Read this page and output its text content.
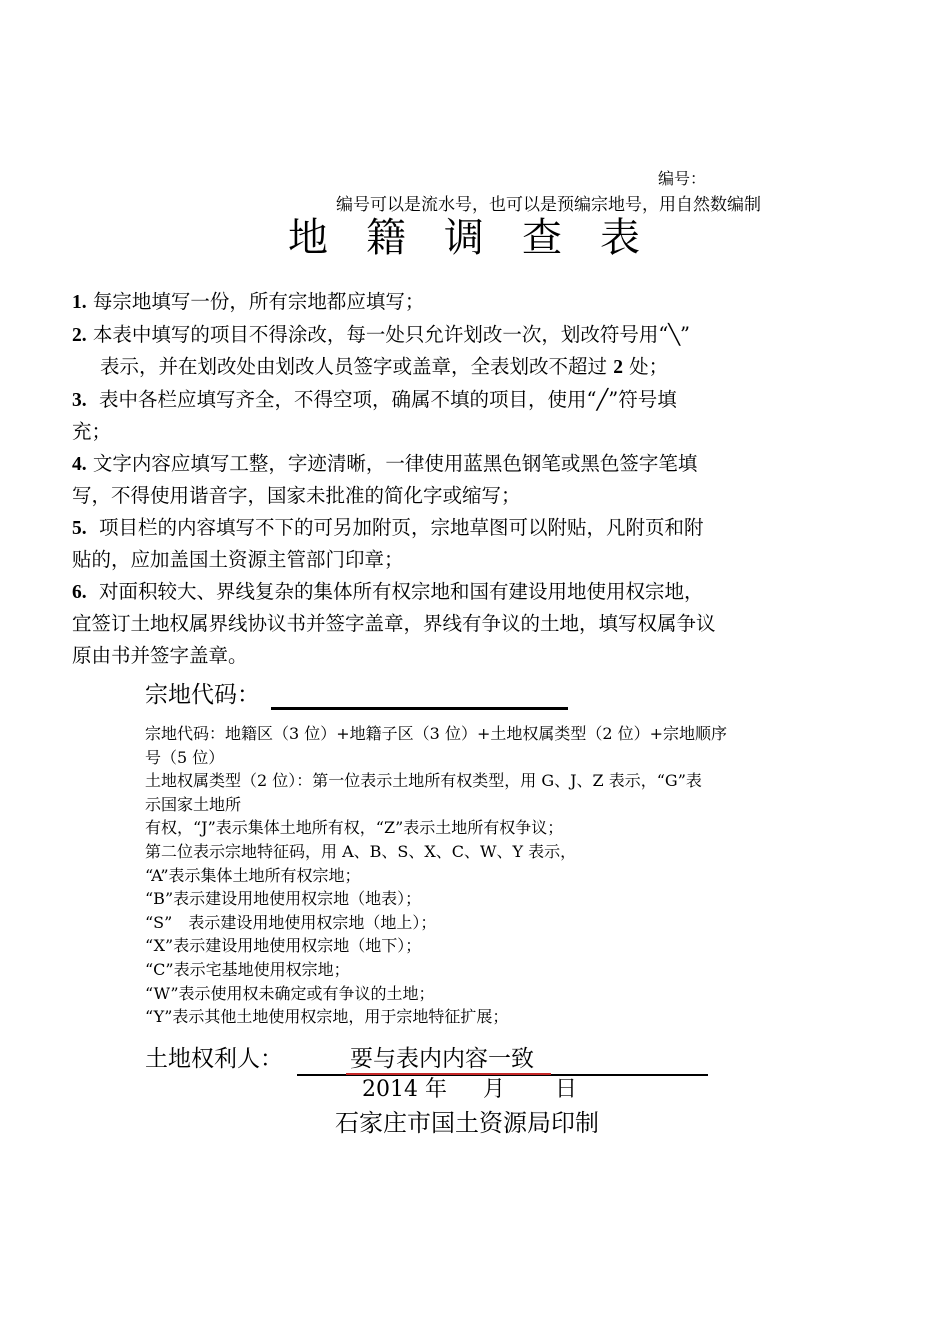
编号：
编号可以是流水号，也可以是预编宗地号，用自然数编制
地籍调查表

1. 每宗地填写一份，所有宗地都应填写；

2. 本表中填写的项目不得涂改，每一处只允许划改一次，划改符号用“╲”
表示，并在划改处由划改人员签字或盖章，全表划改不超过 2 处；

3. 表中各栏应填写齐全，不得空项，确属不填的项目，使用“╱”符号填
充；

4. 文字内容应填写工整，字迹清晰，一律使用蓝黑色钢笔或黑色签字笔填
写，不得使用谐音字，国家未批准的简化字或缩写；

5. 项目栏的内容填写不下的可另加附页，宗地草图可以附贴，凡附页和附
贴的，应加盖国土资源主管部门印章；

6. 对面积较大、界线复杂的集体所有权宗地和国有建设用地使用权宗地，
宜签订土地权属界线协议书并签字盖章，界线有争议的土地，填写权属争议
原由书并签字盖章。

宗地代码：

宗地代码：地籍区（3 位）+地籍子区（3 位）+土地权属类型（2 位）+宗地顺序

号（5 位）

土地权属类型（2 位）：第一位表示土地所有权类型，用 G、J、Z 表示，“G”表

示国家土地所

有权，“J”表示集体土地所有权，“Z”表示土地所有权争议；

第二位表示宗地特征码，用 A、B、S、X、C、W、Y 表示，

“A”表示集体土地所有权宗地；

“B”表示建设用地使用权宗地（地表）；

“S”　表示建设用地使用权宗地（地上）；

“X”表示建设用地使用权宗地（地下）；

“C”表示宅基地使用权宗地；

“W”表示使用权未确定或有争议的土地；

“Y”表示其他土地使用权宗地，用于宗地特征扩展；

土地权利人：	要与表内内容一致
2014 年 月 日
石家庄市国土资源局印制
